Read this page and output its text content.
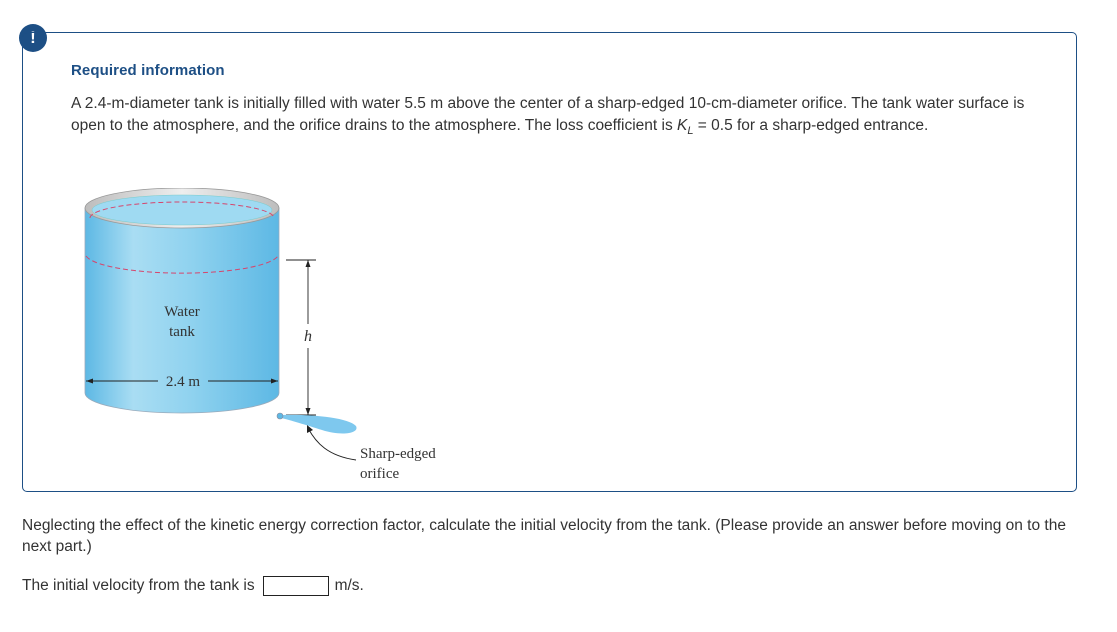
!
Required information
A 2.4-m-diameter tank is initially filled with water 5.5 m above the center of a sharp-edged 10-cm-diameter orifice. The tank water surface is open to the atmosphere, and the orifice drains to the atmosphere. The loss coefficient is $K_L = 0.5$ for a sharp-edged entrance.
Water
tank
2.4 m
h
Sharp-edged
orifice
Neglecting the effect of the kinetic energy correction factor, calculate the initial velocity from the tank. (Please provide an answer before moving on to the next part.)
The initial velocity from the tank is	m/s.
